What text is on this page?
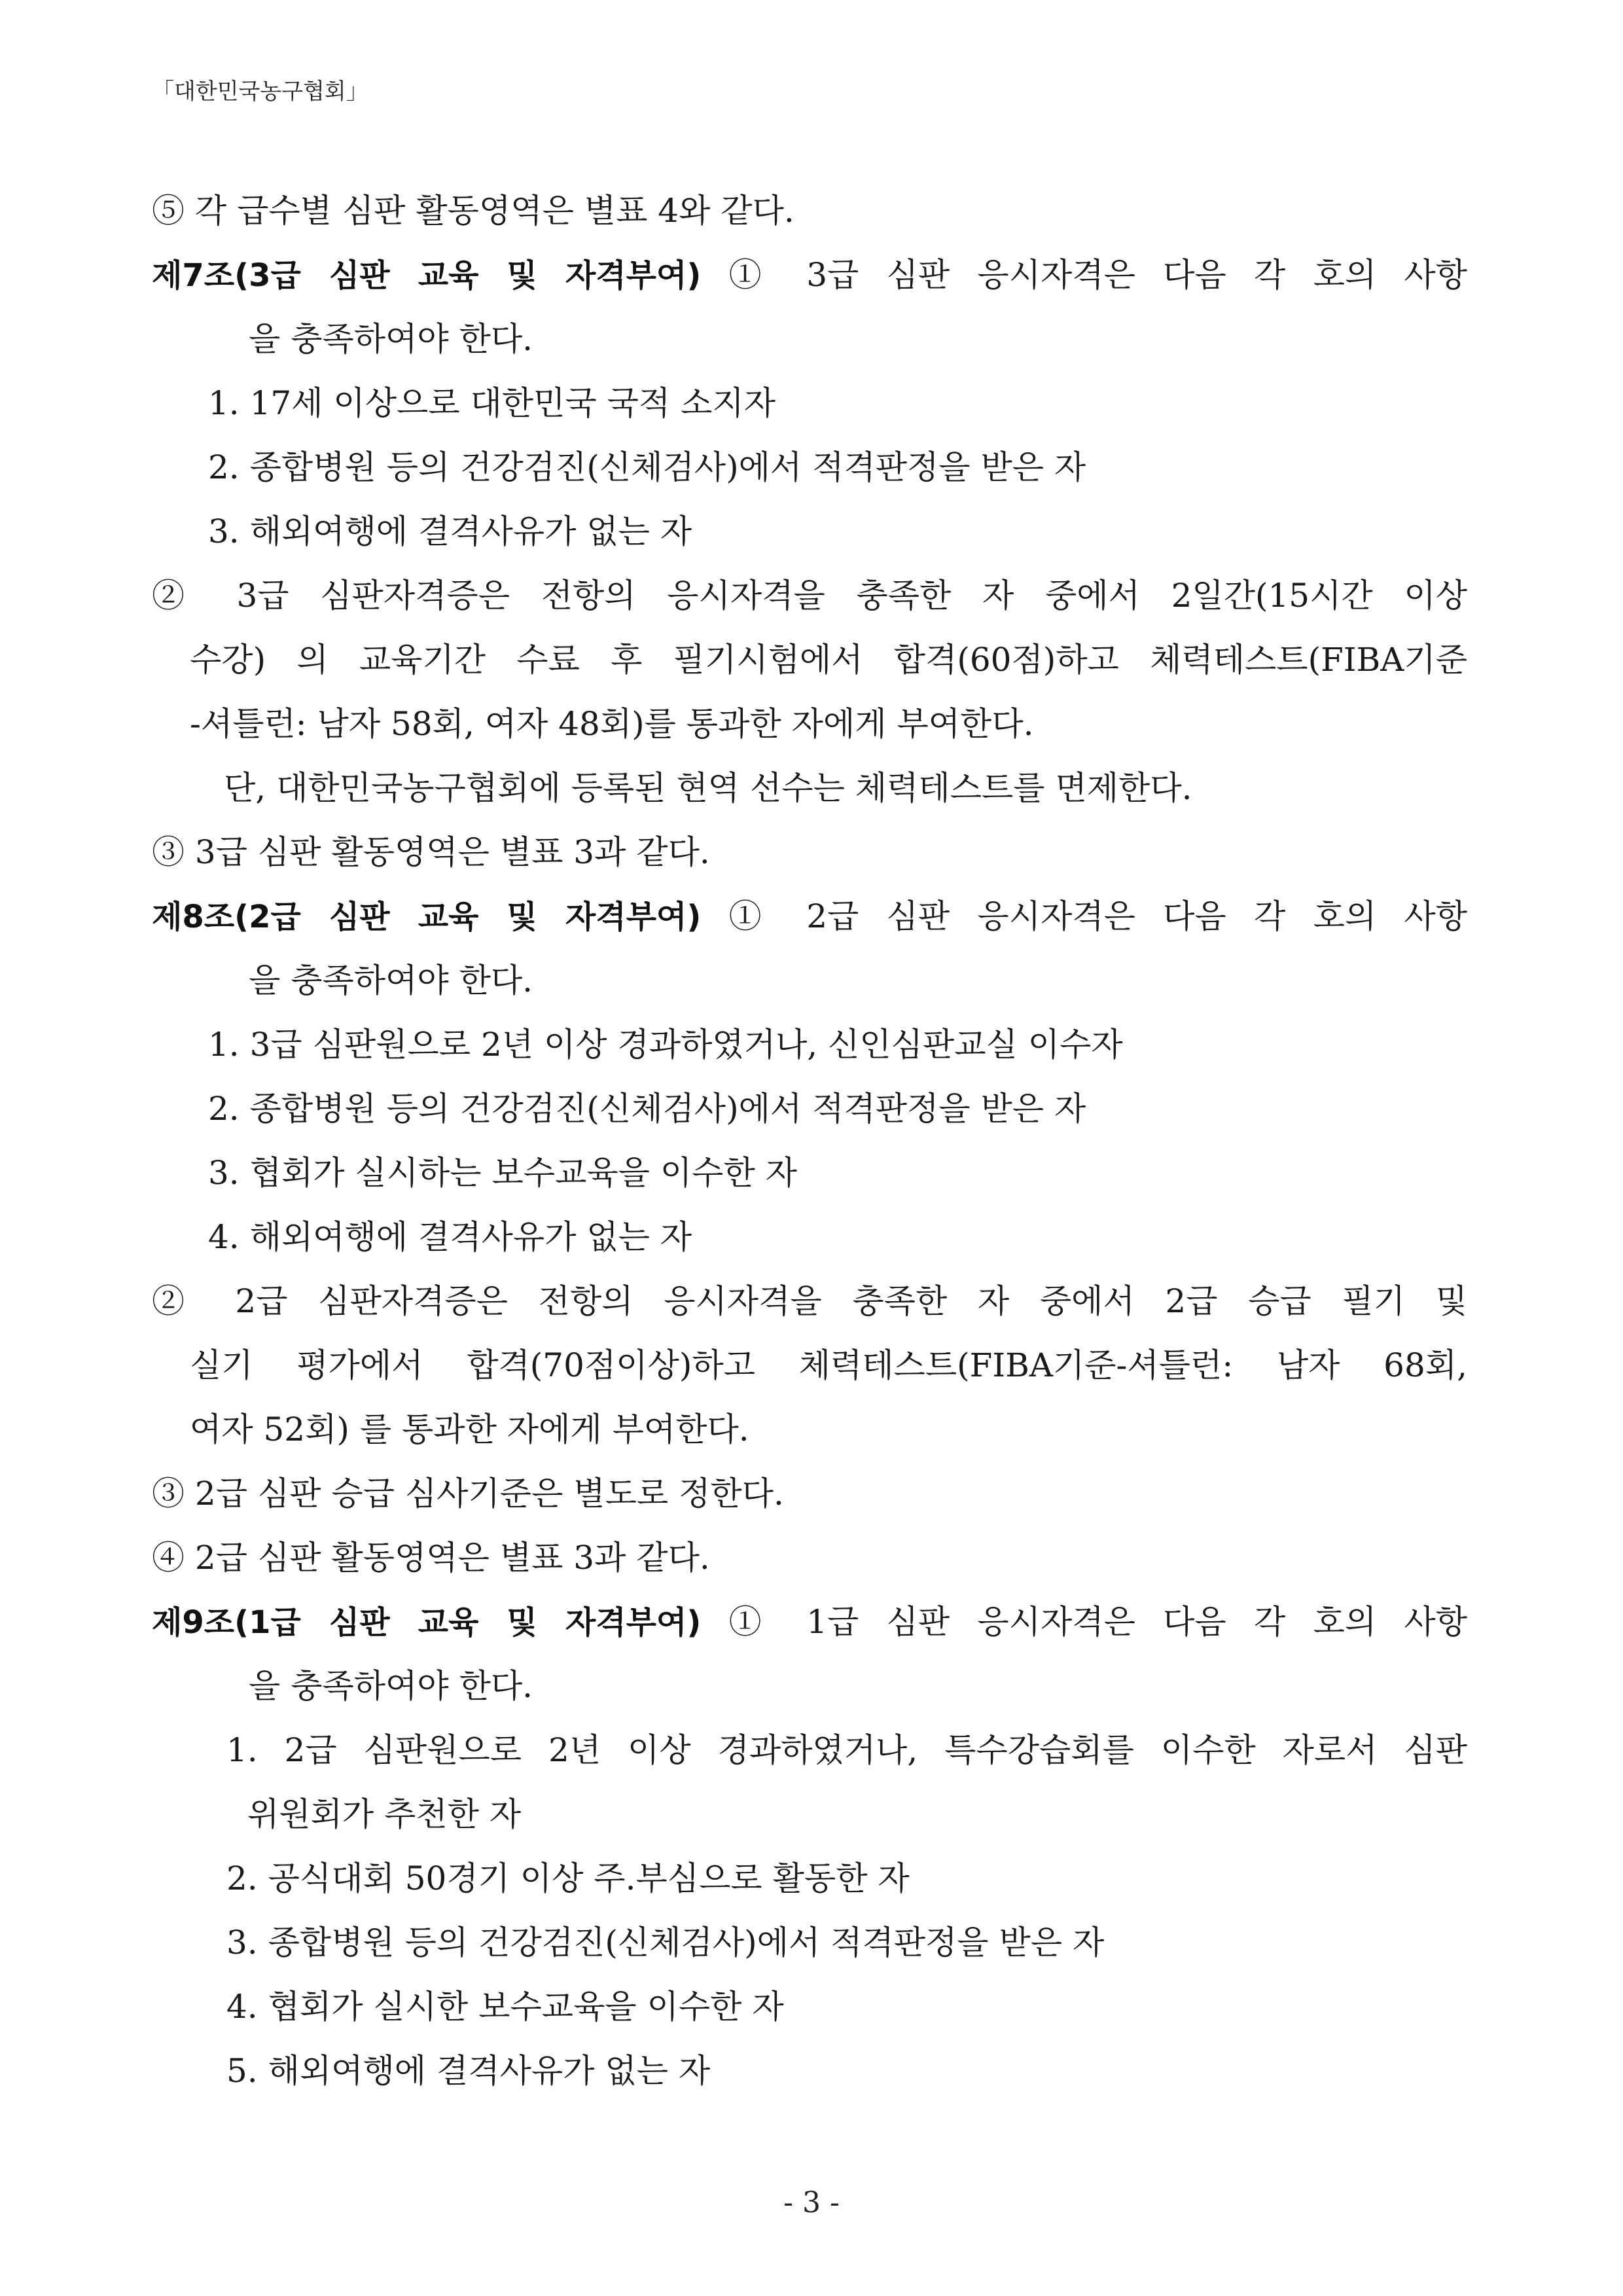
「대한민국농구협회」
⑤ 각 급수별 심판 활동영역은 별표 4와 같다.
제7조(3급 심판 교육 및 자격부여) ① 3급 심판 응시자격은 다음 각 호의 사항
을 충족하여야 한다.
1. 17세 이상으로 대한민국 국적 소지자
2. 종합병원 등의 건강검진(신체검사)에서 적격판정을 받은 자
3. 해외여행에 결격사유가 없는 자
② 3급 심판자격증은 전항의 응시자격을 충족한 자 중에서 2일간(15시간 이상
수강) 의 교육기간 수료 후 필기시험에서 합격(60점)하고 체력테스트(FIBA기준
-셔틀런: 남자 58회, 여자 48회)를 통과한 자에게 부여한다.
단, 대한민국농구협회에 등록된 현역 선수는 체력테스트를 면제한다.
③ 3급 심판 활동영역은 별표 3과 같다.
제8조(2급 심판 교육 및 자격부여) ① 2급 심판 응시자격은 다음 각 호의 사항
을 충족하여야 한다.
1. 3급 심판원으로 2년 이상 경과하였거나, 신인심판교실 이수자
2. 종합병원 등의 건강검진(신체검사)에서 적격판정을 받은 자
3. 협회가 실시하는 보수교육을 이수한 자
4. 해외여행에 결격사유가 없는 자
② 2급 심판자격증은 전항의 응시자격을 충족한 자 중에서 2급 승급 필기 및
실기 평가에서 합격(70점이상)하고 체력테스트(FIBA기준-셔틀런: 남자 68회,
여자 52회) 를 통과한 자에게 부여한다.
③ 2급 심판 승급 심사기준은 별도로 정한다.
④ 2급 심판 활동영역은 별표 3과 같다.
제9조(1급 심판 교육 및 자격부여) ① 1급 심판 응시자격은 다음 각 호의 사항
을 충족하여야 한다.
1. 2급 심판원으로 2년 이상 경과하였거나, 특수강습회를 이수한 자로서 심판
위원회가 추천한 자
2. 공식대회 50경기 이상 주.부심으로 활동한 자
3. 종합병원 등의 건강검진(신체검사)에서 적격판정을 받은 자
4. 협회가 실시한 보수교육을 이수한 자
5. 해외여행에 결격사유가 없는 자
- 3 -
